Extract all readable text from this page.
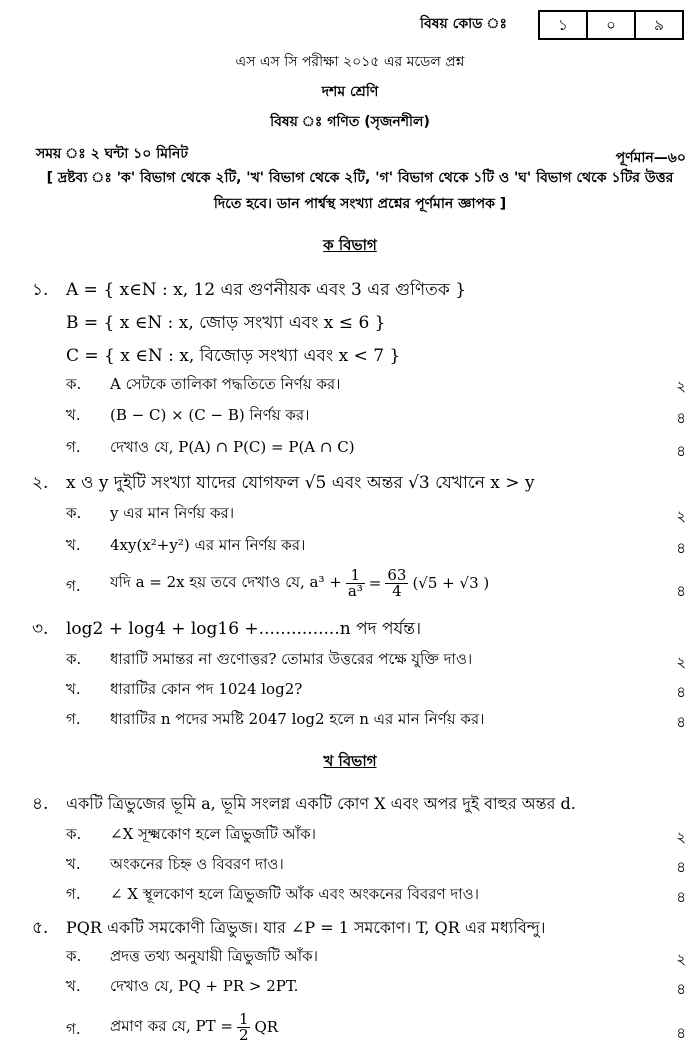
বিষয় কোড ঃ	১	০	৯
এস এস সি পরীক্ষা ২০১৫ এর মডেল প্রশ্ন
দশম শ্রেণি
বিষয় ঃ গণিত (সৃজনশীল)
সময় ঃ ২ ঘন্টা ১০ মিনিট	পূর্ণমান—৬০
[ দ্রষ্টব্য ঃ 'ক' বিভাগ থেকে ২টি, 'খ' বিভাগ থেকে ২টি, 'গ' বিভাগ থেকে ১টি ও 'ঘ' বিভাগ থেকে ১টির উত্তর দিতে হবে। ডান পার্শ্বস্থ সংখ্যা প্রশ্নের পূর্ণমান জ্ঞাপক ]
ক বিভাগ
১. A = { x∈N : x, 12 এর গুণনীয়ক এবং 3 এর গুণিতক }
B = { x ∈N : x, জোড় সংখ্যা এবং x ≤ 6 }
C = { x ∈N : x, বিজোড় সংখ্যা এবং x < 7 }
ক. A সেটকে তালিকা পদ্ধতিতে নির্ণয় কর।	২
খ. (B − C) × (C − B) নির্ণয় কর।	৪
গ. দেখাও যে, P(A) ∩ P(C) = P(A ∩ C)	৪
২. x ও y দুইটি সংখ্যা যাদের যোগফল √5 এবং অন্তর √3 যেখানে x > y
ক. y এর মান নির্ণয় কর।	২
খ. 4xy(x²+y²) এর মান নির্ণয় কর।	৪
গ. যদি a = 2x হয় তবে দেখাও যে, $a^3 + \frac{1}{\text{a³}} = \frac{63}{4} (√5 + √3$ )	৪
৩. log2 + log4 + log16 +...............n পদ পর্যন্ত।
ক. ধারাটি সমান্তর না গুণোত্তর? তোমার উত্তরের পক্ষে যুক্তি দাও।	২
খ. ধারাটির কোন পদ 1024 log2?	৪
গ. ধারাটির n পদের সমষ্টি 2047 log2 হলে n এর মান নির্ণয় কর।	৪
খ বিভাগ
৪. একটি ত্রিভুজের ভূমি a, ভূমি সংলগ্ন একটি কোণ X এবং অপর দুই বাহুর অন্তর d.
ক. ∠X সূক্ষ্মকোণ হলে ত্রিভুজটি আঁক।	২
খ. অংকনের চিহ্ন ও বিবরণ দাও।	৪
গ. ∠ X স্থূলকোণ হলে ত্রিভুজটি আঁক এবং অংকনের বিবরণ দাও।	৪
৫. PQR একটি সমকোণী ত্রিভুজ। যার ∠P = 1 সমকোণ। T, QR এর মধ্যবিন্দু।
ক. প্রদত্ত তথ্য অনুযায়ী ত্রিভুজটি আঁক।	২
খ. দেখাও যে, PQ + PR > 2PT.	৪
গ. প্রমাণ কর যে, PT = $\frac{1}{2}$ QR	৪
